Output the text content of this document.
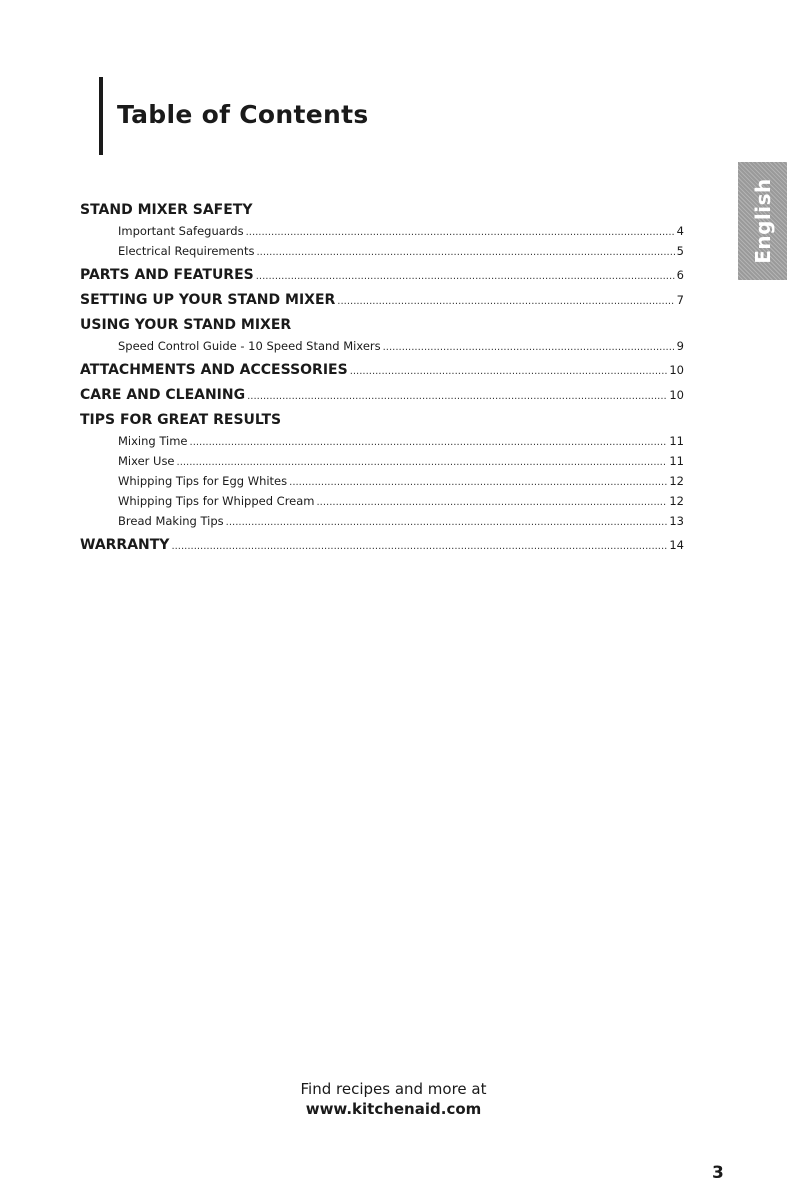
Table of Contents
English
STAND MIXER SAFETY
Important Safeguards .....	4
Electrical Requirements .....	5
PARTS AND FEATURES .....	6
SETTING UP YOUR STAND MIXER .....	7
USING YOUR STAND MIXER
Speed Control Guide - 10 Speed Stand Mixers .....	9
ATTACHMENTS AND ACCESSORIES .....	10
CARE AND CLEANING .....	10
TIPS FOR GREAT RESULTS
Mixing Time .....	11
Mixer Use .....	11
Whipping Tips for Egg Whites .....	12
Whipping Tips for Whipped Cream .....	12
Bread Making Tips .....	13
WARRANTY .....	14
Find recipes and more at
www.kitchenaid.com
3
